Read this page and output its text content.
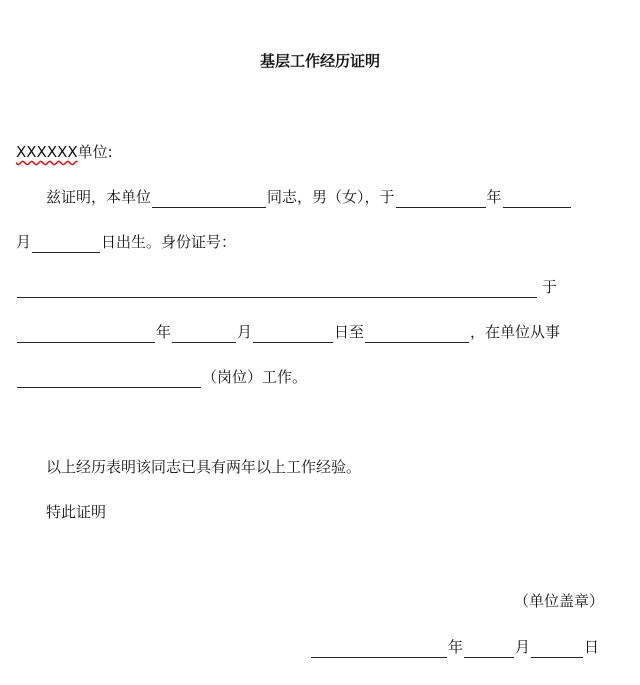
基层工作经历证明
XXXXXX 单位:
兹证明，本单位	同志，男（女），于	年
月	日出生。身份证号：
于
年	月	日至	，在单位从事
（岗位）工作。
以上经历表明该同志已具有两年以上工作经验。
特此证明
（单位盖章）
年	月	日
